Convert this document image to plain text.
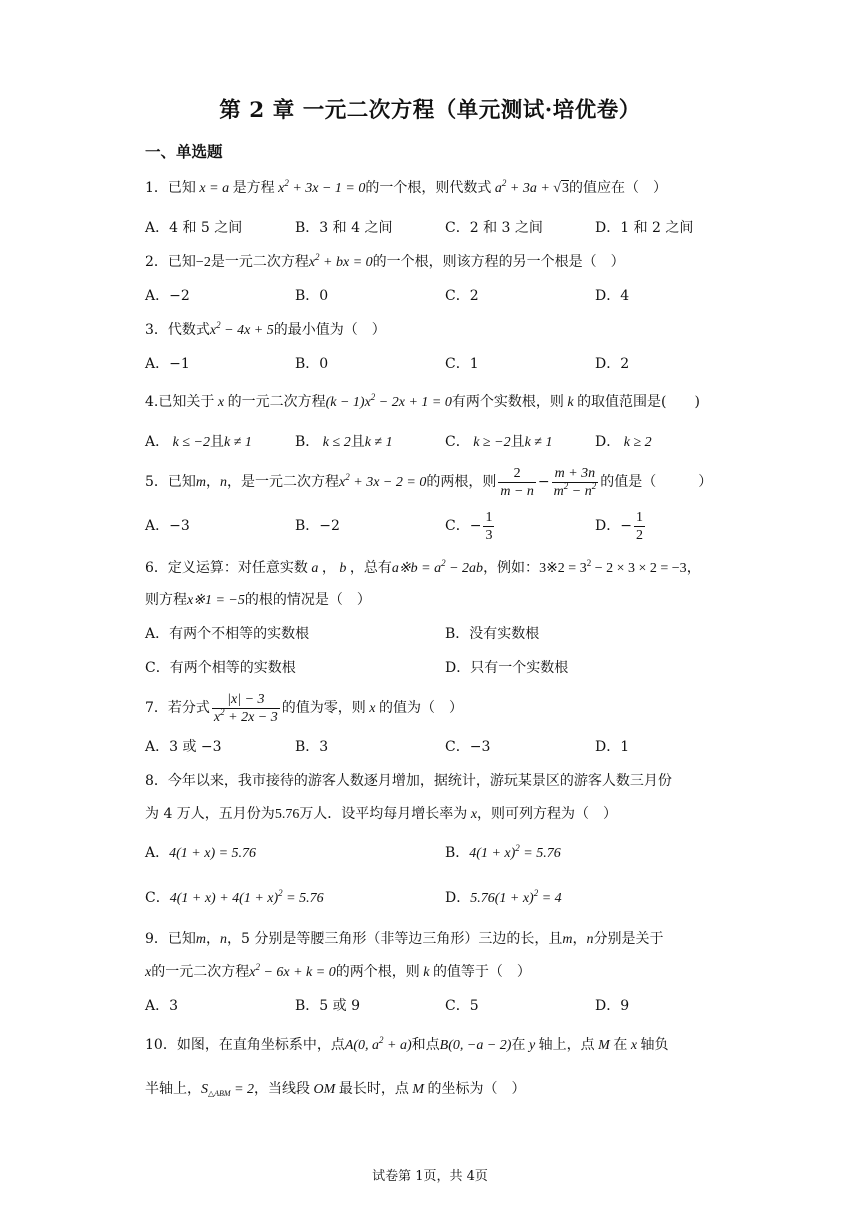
第 2 章 一元二次方程（单元测试·培优卷）
一、单选题
1．已知 x = a 是方程 $x^2 + 3x - 1 = 0$的一个根，则代数式 $a^2 + 3a + √3$的值应在（　）
A．4 和 5 之间	B．3 和 4 之间	C．2 和 3 之间	D．1 和 2 之间
2．已知−2是一元二次方程$x^2$ + bx = 0的一个根，则该方程的另一个根是（　）
A．−2	B．0	C．2	D．4
3．代数式$x^2 - 4x + 5$的最小值为（　）
A．−1	B．0	C．1	D．2
4.已知关于 x 的一元二次方程$(k - 1)x^2 - 2x + 1 = 0$有两个实数根，则 k 的取值范围是(　　)
A． k ≤ −2且k ≠ 1	B． k ≤ 2且k ≠ 1	C． k ≥ −2且k ≠ 1	D． k ≥ 2
5．已知m，n，是一元二次方程$x^2 + 3x - 2 = 0$的两根，则 $\frac{2}{m - n} - \frac{m + 3n}{m^2 - n^2}$ 的值是（　　　）
A．−3	B．−2	C．− $\frac{1}{3}$	D．− $\frac{1}{2}$
6．定义运算：对任意实数 a ， b ，总有a※b = $a^2 - 2ab$，例如：3※2 = $3^2 - 2 \times 3 \times 2 = -3$，
则方程x※1 = −5的根的情况是（　）
A．有两个不相等的实数根	B．没有实数根
C．有两个相等的实数根	D．只有一个实数根
7．若分式 $\frac{|x| - 3}{x^2 + 2x - 3}$ 的值为零，则 x 的值为（　）
A．3 或 −3	B．3	C．−3	D．1
8．今年以来，我市接待的游客人数逐月增加，据统计，游玩某景区的游客人数三月份
为 4 万人，五月份为5.76万人．设平均每月增长率为 x，则可列方程为（　）
A．4(1 + x) = 5.76	B．$4(1 + x)^2 = 5.76$
C．$4(1 + x) + 4(1 + x)^2 = 5.76$	D．$5.76(1 + x)^2 = 4$
9．已知m，n，5 分别是等腰三角形（非等边三角形）三边的长，且m，n分别是关于
x的一元二次方程$x^2 - 6x + k = 0$的两个根，则 k 的值等于（　）
A．3	B．5 或 9	C．5	D．9
10．如图，在直角坐标系中，点A(0, $a^2 + a$)和点B(0, −a − 2)在 y 轴上，点 M 在 x 轴负
半轴上，$S_{\triangle ABM} = 2$，当线段 OM 最长时，点 M 的坐标为（　）
试卷第 1页，共 4页
